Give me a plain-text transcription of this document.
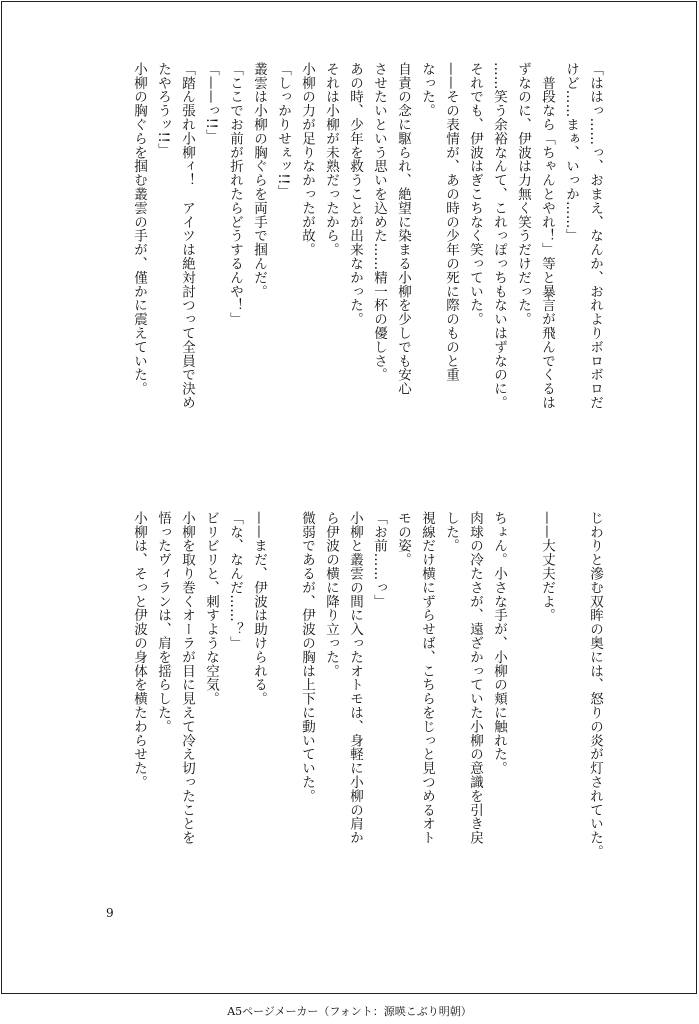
「ははっ……っ、おまえ、なんか、おれよりボロボロだ
けど……まぁ、いっか……」
　普段なら「ちゃんとやれ！」等と暴言が飛んでくるは
ずなのに、伊波は力無く笑うだけだった。
……笑う余裕なんて、これっぽっちもないはずなのに。
それでも、伊波はぎこちなく笑っていた。
——その表情が、あの時の少年の死に際のものと重
なった。
自責の念に駆られ、絶望に染まる小柳を少しでも安心
させたいという思いを込めた……精一杯の優しさ。
あの時、少年を救うことが出来なかった。
それは小柳が未熟だったから。
小柳の力が足りなかったが故。
「しっかりせぇッ!!」
叢雲は小柳の胸ぐらを両手で掴んだ。
「ここでお前が折れたらどうするんや！」
「——っ!!」
「踏ん張れ小柳ィ！　アイツは絶対討つって全員で決め
たやろうッ!!」
小柳の胸ぐらを掴む叢雲の手が、僅かに震えていた。
じわりと滲む双眸の奥には、怒りの炎が灯されていた。

——大丈夫だよ。

ちょん。小さな手が、小柳の頬に触れた。
肉球の冷たさが、遠ざかっていた小柳の意識を引き戻
した。
視線だけ横にずらせば、こちらをじっと見つめるオト
モの姿。
「お前……っ」
小柳と叢雲の間に入ったオトモは、身軽に小柳の肩か
ら伊波の横に降り立った。
微弱であるが、伊波の胸は上下に動いていた。

——まだ、伊波は助けられる。
「な、なんだ……？」
ビリビリと、刺すような空気。
小柳を取り巻くオーラが目に見えて冷え切ったことを
悟ったヴィランは、肩を揺らした。
小柳は、そっと伊波の身体を横たわらせた。

9

A5ページメーカー（フォント：源暎こぶり明朝）
